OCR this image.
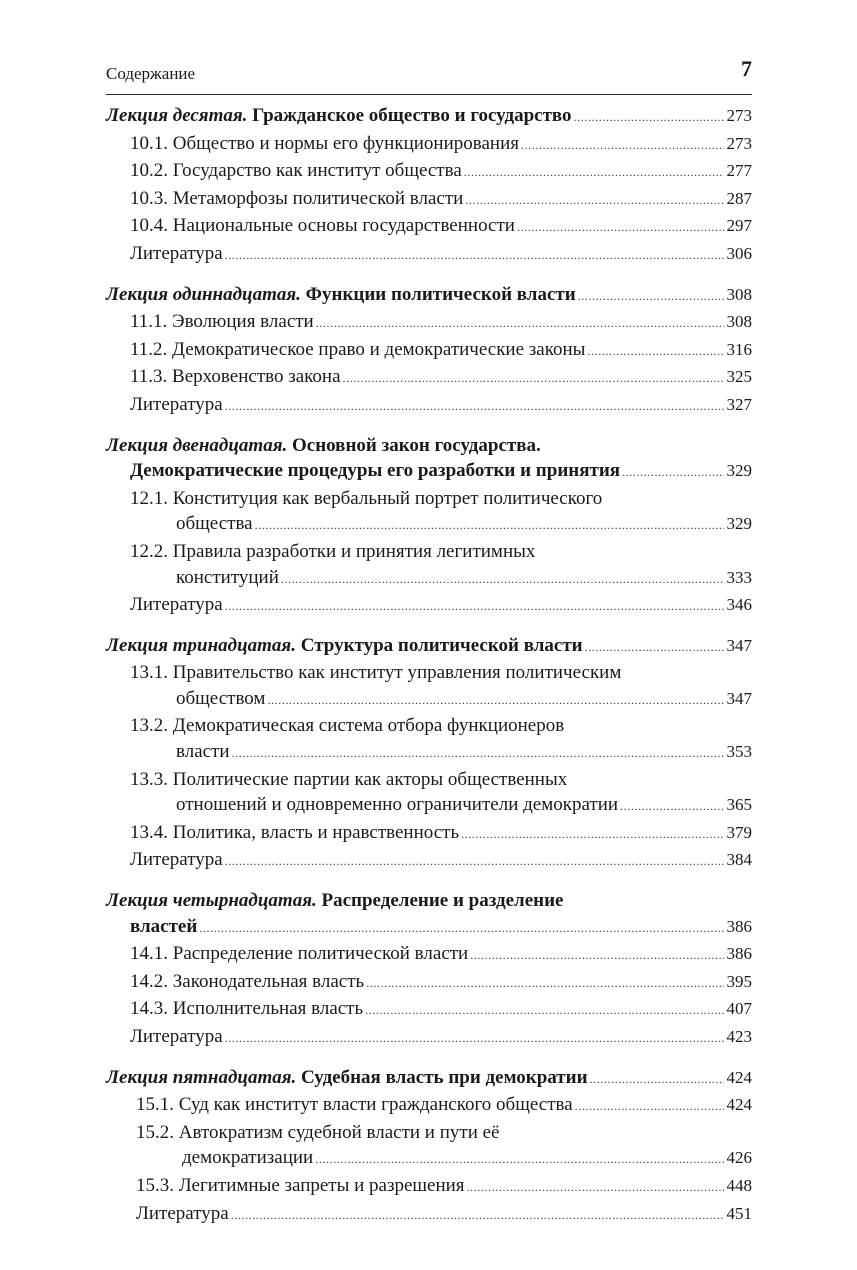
Содержание	7
Лекция десятая. Гражданское общество и государство .....	273
10.1. Общество и нормы его функционирования .....	273
10.2. Государство как институт общества .....	277
10.3. Метаморфозы политической власти .....	287
10.4. Национальные основы государственности .....	297
Литература .....	306
Лекция одиннадцатая. Функции политической власти .....	308
11.1. Эволюция власти .....	308
11.2. Демократическое право и демократические законы .....	316
11.3. Верховенство закона .....	325
Литература .....	327
Лекция двенадцатая. Основной закон государства.
Демократические процедуры его разработки и принятия .....	329
12.1. Конституция как вербальный портрет политического
общества .....	329
12.2. Правила разработки и принятия легитимных
конституций .....	333
Литература .....	346
Лекция тринадцатая. Структура политической власти .....	347
13.1. Правительство как институт управления политическим
обществом .....	347
13.2. Демократическая система отбора функционеров
власти .....	353
13.3. Политические партии как акторы общественных
отношений и одновременно ограничители демократии .....	365
13.4. Политика, власть и нравственность .....	379
Литература .....	384
Лекция четырнадцатая. Распределение и разделение
властей .....	386
14.1. Распределение политической власти .....	386
14.2. Законодательная власть .....	395
14.3. Исполнительная власть .....	407
Литература .....	423
Лекция пятнадцатая. Судебная власть при демократии .....	424
15.1. Суд как институт власти гражданского общества .....	424
15.2. Автократизм судебной власти и пути её
демократизации .....	426
15.3. Легитимные запреты и разрешения .....	448
Литература .....	451
